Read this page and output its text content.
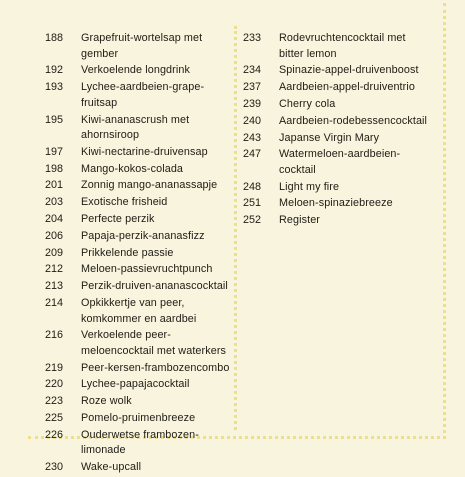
188	Grapefruit-wortelsap met
gember
192	Verkoelende longdrink
193	Lychee-aardbeien-grape-
fruitsap
195	Kiwi-ananascrush met
ahornsiroop
197	Kiwi-nectarine-druivensap
198	Mango-kokos-colada
201	Zonnig mango-ananassapje
203	Exotische frisheid
204	Perfecte perzik
206	Papaja-perzik-ananasfizz
209	Prikkelende passie
212	Meloen-passievruchtpunch
213	Perzik-druiven-ananascocktail
214	Opkikkertje van peer,
komkommer en aardbei
216	Verkoelende peer-
meloencocktail met waterkers
219	Peer-kersen-frambozencombo
220	Lychee-papajacocktail
223	Roze wolk
225	Pomelo-pruimenbreeze
226	Ouderwetse frambozen-
limonade
230	Wake-upcall
233	Rodevruchtencocktail met
bitter lemon
234	Spinazie-appel-druivenboost
237	Aardbeien-appel-druiventrio
239	Cherry cola
240	Aardbeien-rodebessencocktail
243	Japanse Virgin Mary
247	Watermeloen-aardbeien-
cocktail
248	Light my fire
251	Meloen-spinaziebreeze
252	Register
